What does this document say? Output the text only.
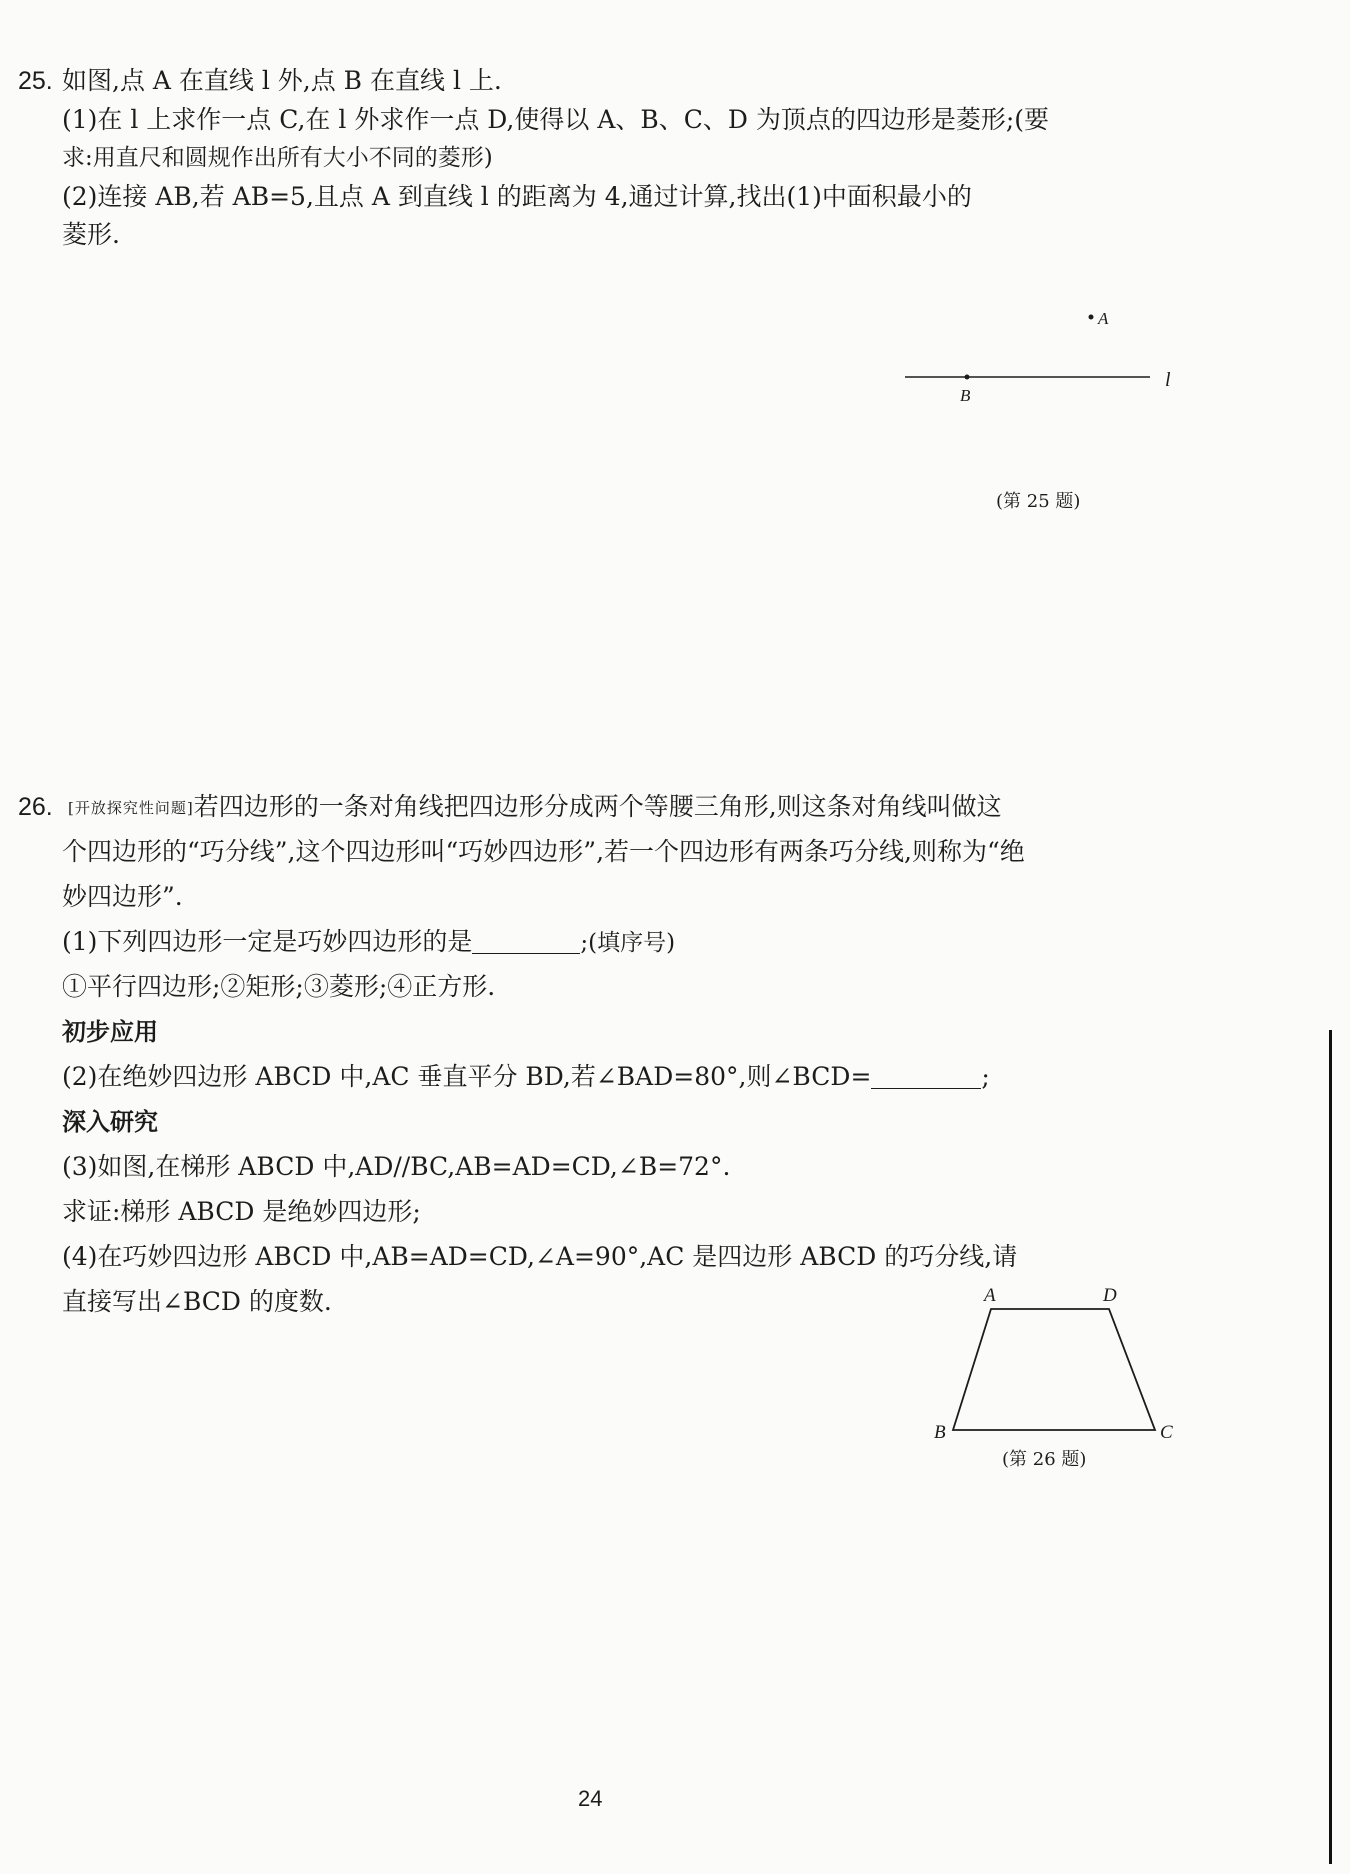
25. 如图,点 A 在直线 l 外,点 B 在直线 l 上.
(1)在 l 上求作一点 C,在 l 外求作一点 D,使得以 A、B、C、D 为顶点的四边形是菱形;(要
求:用直尺和圆规作出所有大小不同的菱形)
(2)连接 AB,若 AB=5,且点 A 到直线 l 的距离为 4,通过计算,找出(1)中面积最小的
菱形.
A
B
l
(第 25 题)
26. [开放探究性问题]若四边形的一条对角线把四边形分成两个等腰三角形,则这条对角线叫做这
个四边形的“巧分线”,这个四边形叫“巧妙四边形”,若一个四边形有两条巧分线,则称为“绝
妙四边形”.
(1)下列四边形一定是巧妙四边形的是	;(填序号)
①平行四边形;②矩形;③菱形;④正方形.
初步应用
(2)在绝妙四边形 ABCD 中,AC 垂直平分 BD,若∠BAD=80°,则∠BCD=	;
深入研究
(3)如图,在梯形 ABCD 中,AD//BC,AB=AD=CD,∠B=72°.
求证:梯形 ABCD 是绝妙四边形;
(4)在巧妙四边形 ABCD 中,AB=AD=CD,∠A=90°,AC 是四边形 ABCD 的巧分线,请
直接写出∠BCD 的度数.	A	D
B	C
(第 26 题)
24
